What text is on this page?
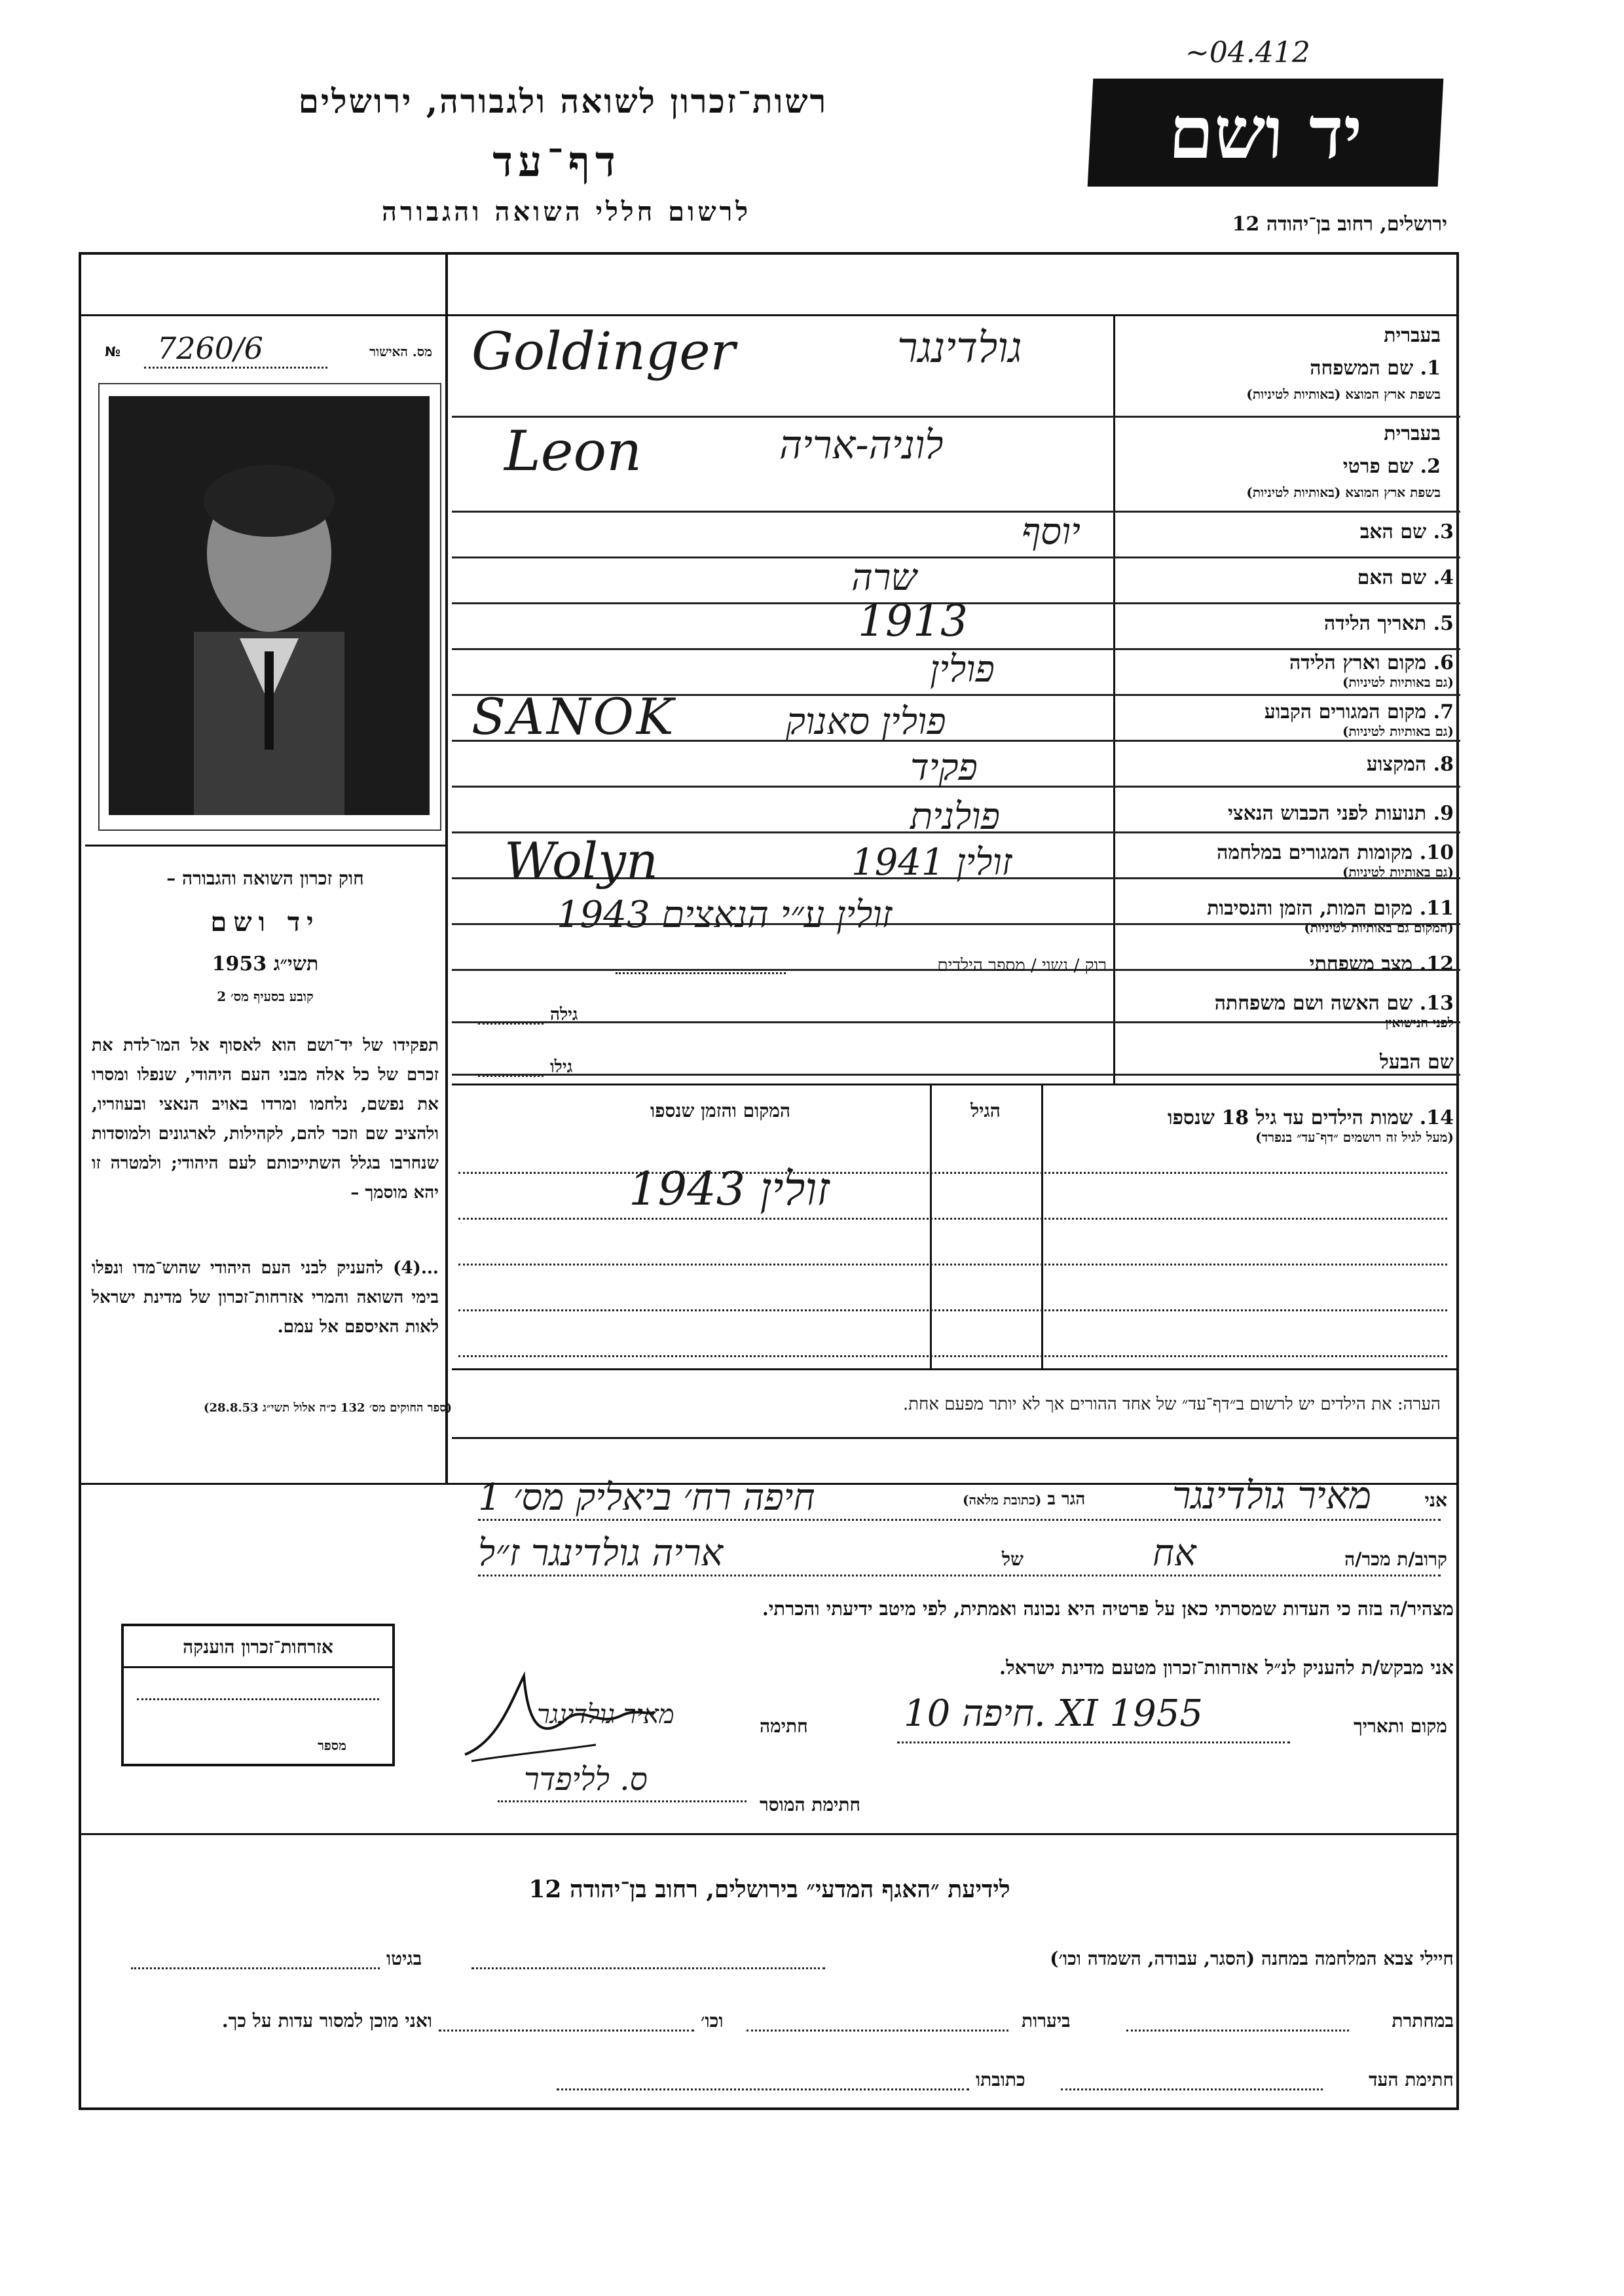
רשות־זכרון לשואה ולגבורה, ירושלים
דף־עד
לרשום חללי השואה והגבורה
יד ושם
~04.412
ירושלים, רחוב בן־יהודה 12
№ 7260/6	מס. האישור
חוק זכרון השואה והגבורה –
יד ושם
תשי״ג 1953
קובע בסעיף מס׳ 2
תפקידו של יד־ושם הוא לאסוף אל המו־לדת את זכרם של כל אלה מבני העם היהודי, שנפלו ומסרו את נפשם, נלחמו ומרדו באויב הנאצי ובעוזריו, ולהציב שם וזכר להם, לקהילות, לארגונים ולמוסדות שנחרבו בגלל השתייכותם לעם היהודי; ולמטרה זו יהא מוסמך –
...(4) להעניק לבני העם היהודי שהוש־מדו ונפלו בימי השואה והמרי אזרחות־זכרון של מדינת ישראל לאות האיספם אל עמם.
(ספר החוקים מס׳ 132 כ״ה אלול תשי״ג 28.8.53)
בעברית
1. שם המשפחה
בשפת ארץ המוצא (באותיות לטיניות)
Goldinger	גולדינגר
בעברית
2. שם פרטי
בשפת ארץ המוצא (באותיות לטיניות)
Leon	לוניה-אריה
3. שם האב
יוסף
4. שם האם
שרה
5. תאריך הלידה
1913
6. מקום וארץ הלידה
(גם באותיות לטיניות)
פולין
7. מקום המגורים הקבוע
(גם באותיות לטיניות)
SANOK	פולין סאנוק
8. המקצוע
פקיד
9. תנועות לפני הכבוש הנאצי
פולנית
10. מקומות המגורים במלחמה
(גם באותיות לטיניות)
Wolyn	זולין 1941
11. מקום המות, הזמן והנסיבות
(המקום גם באותיות לטיניות)
זולין ע״י הנאצים 1943
12. מצב משפחתי
רוק / נשוי / מספר הילדים
13. שם האשה ושם משפחתה
לפני הנישואין
גילה
שם הבעל
גילו
14. שמות הילדים עד גיל 18 שנספו
(מעל לגיל זה רושמים ״דף־עד״ בנפרד)
הגיל
המקום והזמן שנספו
זולין 1943
הערה: את הילדים יש לרשום ב״דף־עד״ של אחד ההורים אך לא יותר מפעם אחת.
אני
מאיר גולדינגר
הגר ב (כתובת מלאה)
חיפה רח׳ ביאליק מס׳ 1
קרוב/ת מכר/ה
אח
של
אריה גולדינגר ז״ל
מצהיר/ה בזה כי העדות שמסרתי כאן על פרטיה היא נכונה ואמתית, לפי מיטב ידיעתי והכרתי.
אני מבקש/ת להעניק לנ״ל אזרחות־זכרון מטעם מדינת ישראל.
מקום ותאריך
חיפה 10. XI 1955
חתימה
מאיר גולדינגר
חתימת המוסר
ס. לליפדר
אזרחות־זכרון הוענקה
מספר
לידיעת ״האגף המדעי״ בירושלים, רחוב בן־יהודה 12
חיילי צבא המלחמה במחנה (הסגר, עבודה, השמדה וכו׳)
בגיטו
במחתרת
ביערות
וכו׳
ואני מוכן למסור עדות על כך.
חתימת העד
כתובתו
